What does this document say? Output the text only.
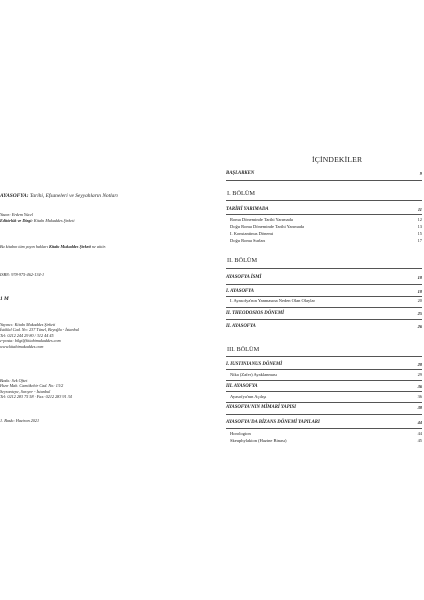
AYASOFYA: Tarihi, Efsaneleri ve Seyyahların Notları
Yazar: Erdem Yücel
Editörlük ve Dizgi: Kitabı Mukaddes Şirketi
Bu kitabın tüm yayın hakları Kitabı Mukaddes Şirketi ne aittir.
ISBN: 978-975-462-134-1
1 M
Yayıncı: Kitabı Mukaddes Şirketi
İstiklal Cad. No: 237 Tünel, Beyoğlu - İstanbul
Tel: 0212 244 29 80 / 312 44 45
e-posta: bilgi@kitabimukaddes.com
www.kitabimukaddes.com
Baskı: Sek Ofset
Hızır Mah. Camiikebir Cad. No: 13/2
Seyrantepe, Sarıyer - İstanbul
Tel: 0212 283 75 58 · Fax: 0212 283 91 34
1. Baskı: Haziran 2021
İÇİNDEKİLER
BAŞLARKEN	9
I. BÖLÜM
TARİHİ YARIMADA	11
Roma Döneminde Tarihi Yarımada	12
Doğu Roma Döneminde Tarihi Yarımada	13
I. Konstantinus Dönemi	15
Doğu Roma Surları	17
II. BÖLÜM
AYASOFYA İSMİ	18
I. AYASOFYA	18
I. Ayasofya'nın Yanmasına Neden Olan Olaylar	20
II. THEODOSIOS DÖNEMİ	25
II. AYASOFYA	26
III. BÖLÜM
I. IUSTINIANUS DÖNEMİ	28
Nika (Zafer) Ayaklanması	29
III. AYASOFYA	36
Ayasofya'nın Açılışı	36
AYASOFYA'NIN MİMARİ YAPISI	38
AYASOFYA'DA BİZANS DÖNEMİ YAPILARI	44
Horologion	44
Skeuphylakion (Hazine Binası)	45
